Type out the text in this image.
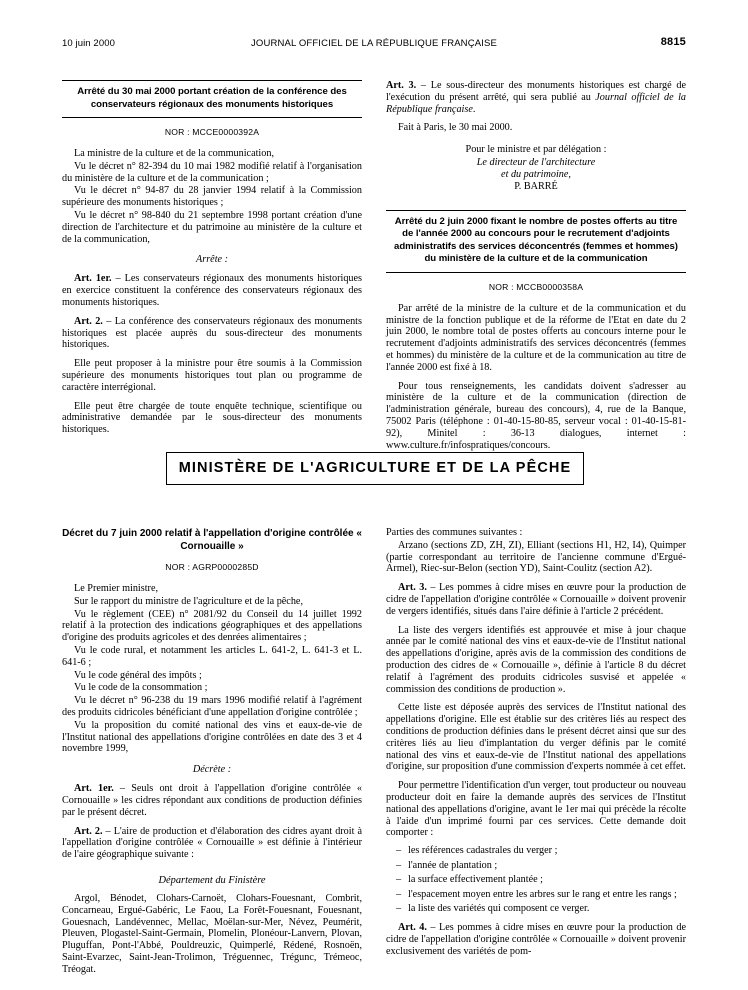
10 juin 2000	JOURNAL OFFICIEL DE LA RÉPUBLIQUE FRANÇAISE	8815
Arrêté du 30 mai 2000 portant création de la conférence des conservateurs régionaux des monuments historiques
NOR : MCCE0000392A

La ministre de la culture et de la communication,

Vu le décret n° 82-394 du 10 mai 1982 modifié relatif à l'organisation du ministère de la culture et de la communication ;

Vu le décret n° 94-87 du 28 janvier 1994 relatif à la Commission supérieure des monuments historiques ;

Vu le décret n° 98-840 du 21 septembre 1998 portant création d'une direction de l'architecture et du patrimoine au ministère de la culture et de la communication,

Arrête :

Art. 1er. – Les conservateurs régionaux des monuments historiques en exercice constituent la conférence des conservateurs régionaux des monuments historiques.

Art. 2. – La conférence des conservateurs régionaux des monuments historiques est placée auprès du sous-directeur des monuments historiques.

Elle peut proposer à la ministre pour être soumis à la Commission supérieure des monuments historiques tout plan ou programme de caractère interrégional.

Elle peut être chargée de toute enquête technique, scientifique ou administrative demandée par le sous-directeur des monuments historiques.

Art. 3. – Le sous-directeur des monuments historiques est chargé de l'exécution du présent arrêté, qui sera publié au Journal officiel de la République française.

Fait à Paris, le 30 mai 2000.

Pour le ministre et par délégation :
Le directeur de l'architecture
et du patrimoine,
P. BARRÉ
Arrêté du 2 juin 2000 fixant le nombre de postes offerts au titre de l'année 2000 au concours pour le recrutement d'adjoints administratifs des services déconcentrés (femmes et hommes) du ministère de la culture et de la communication
NOR : MCCB0000358A

Par arrêté de la ministre de la culture et de la communication et du ministre de la fonction publique et de la réforme de l'Etat en date du 2 juin 2000, le nombre total de postes offerts au concours interne pour le recrutement d'adjoints administratifs des services déconcentrés (femmes et hommes) du ministère de la culture et de la communication au titre de l'année 2000 est fixé à 18.

Pour tous renseignements, les candidats doivent s'adresser au ministère de la culture et de la communication (direction de l'administration générale, bureau des concours), 4, rue de la Banque, 75002 Paris (téléphone : 01-40-15-80-85, serveur vocal : 01-40-15-81-92), Minitel : 36-13 dialogues, internet : www.culture.fr/infospratiques/concours.

MINISTÈRE DE L'AGRICULTURE ET DE LA PÊCHE
Décret du 7 juin 2000 relatif à l'appellation d'origine contrôlée « Cornouaille »
NOR : AGRP0000285D

Le Premier ministre,

Sur le rapport du ministre de l'agriculture et de la pêche,

Vu le règlement (CEE) n° 2081/92 du Conseil du 14 juillet 1992 relatif à la protection des indications géographiques et des appellations d'origine des produits agricoles et des denrées alimentaires ;

Vu le code rural, et notamment les articles L. 641-2, L. 641-3 et L. 641-6 ;

Vu le code général des impôts ;

Vu le code de la consommation ;

Vu le décret n° 96-238 du 19 mars 1996 modifié relatif à l'agrément des produits cidricoles bénéficiant d'une appellation d'origine contrôlée ;

Vu la proposition du comité national des vins et eaux-de-vie de l'Institut national des appellations d'origine contrôlées en date des 3 et 4 novembre 1999,

Décrète :

Art. 1er. – Seuls ont droit à l'appellation d'origine contrôlée « Cornouaille » les cidres répondant aux conditions de production définies par le présent décret.

Art. 2. – L'aire de production et d'élaboration des cidres ayant droit à l'appellation d'origine contrôlée « Cornouaille » est définie à l'intérieur de l'aire géographique suivante :

Département du Finistère

Argol, Bénodet, Clohars-Carnoët, Clohars-Fouesnant, Combrit, Concarneau, Ergué-Gabéric, Le Faou, La Forêt-Fouesnant, Fouesnant, Gouesnach, Landévennec, Mellac, Moëlan-sur-Mer, Névez, Peumérit, Pleuven, Plogastel-Saint-Germain, Plomelin, Plonéour-Lanvern, Plovan, Pluguffan, Pont-l'Abbé, Pouldreuzic, Quimperlé, Rédené, Rosnoën, Saint-Evarzec, Saint-Jean-Trolimon, Tréguennec, Trégunc, Trémeoc, Tréogat.

Parties des communes suivantes :

Arzano (sections ZD, ZH, ZI), Elliant (sections H1, H2, I4), Quimper (partie correspondant au territoire de l'ancienne commune d'Ergué-Armel), Riec-sur-Belon (section YD), Saint-Coulitz (section A2).

Art. 3. – Les pommes à cidre mises en œuvre pour la production de cidre de l'appellation d'origine contrôlée « Cornouaille » doivent provenir de vergers identifiés, situés dans l'aire définie à l'article 2 précédent.

La liste des vergers identifiés est approuvée et mise à jour chaque année par le comité national des vins et eaux-de-vie de l'Institut national des appellations d'origine, après avis de la commission des conditions de production des cidres de « Cornouaille », définie à l'article 8 du décret relatif à l'agrément des produits cidricoles susvisé et appelée « commission des conditions de production ».

Cette liste est déposée auprès des services de l'Institut national des appellations d'origine. Elle est établie sur des critères liés au respect des conditions de production définies dans le présent décret ainsi que sur des critères liés au lieu d'implantation du verger définis par le comité national des vins et eaux-de-vie de l'Institut national des appellations d'origine, sur proposition d'une commission d'experts nommée à cet effet.

Pour permettre l'identification d'un verger, tout producteur ou nouveau producteur doit en faire la demande auprès des services de l'Institut national des appellations d'origine, avant le 1er mai qui précède la récolte à l'aide d'un imprimé fourni par ces services. Cette demande doit comporter :

– les références cadastrales du verger ;
– l'année de plantation ;
– la surface effectivement plantée ;
– l'espacement moyen entre les arbres sur le rang et entre les rangs ;
– la liste des variétés qui composent ce verger.

Art. 4. – Les pommes à cidre mises en œuvre pour la production de cidre de l'appellation d'origine contrôlée « Cornouaille » doivent provenir exclusivement des variétés de pom-
